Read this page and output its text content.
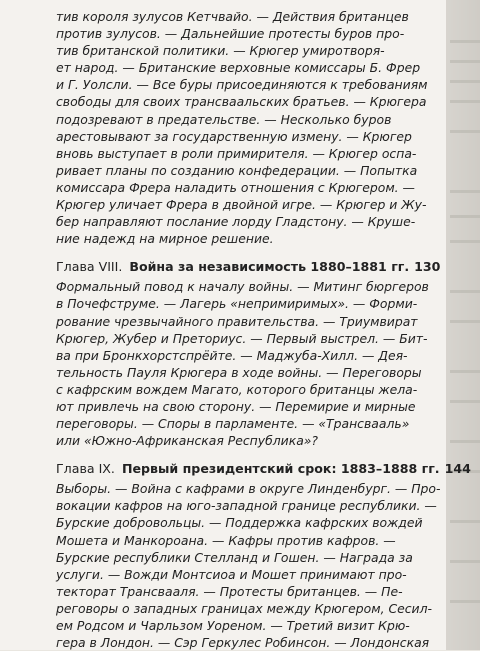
тив короля зулусов Кетчвайо. — Действия британцев
против зулусов. — Дальнейшие протесты буров про-
тив британской политики. — Крюгер умиротворя-
ет народ. — Британские верховные комиссары Б. Фрер
и Г. Уолсли. — Все буры присоединяются к требованиям
свободы для своих трансваальских братьев. — Крюгера
подозревают в предательстве. — Несколько буров
арестовывают за государственную измену. — Крюгер
вновь выступает в роли примирителя. — Крюгер оспа-
ривает планы по созданию конфедерации. — Попытка
комиссара Фрера наладить отношения с Крюгером. —
Крюгер уличает Фрера в двойной игре. — Крюгер и Жу-
бер направляют послание лорду Гладстону. — Круше-
ние надежд на мирное решение.

Глава VIII. Война за независимость 1880–1881 гг. 130

Формальный повод к началу войны. — Митинг бюргеров
в Почефструме. — Лагерь «непримиримых». — Форми-
рование чрезвычайного правительства. — Триумвират
Крюгер, Жубер и Преториус. — Первый выстрел. — Бит-
ва при Бронкхорстспрёйте. — Маджуба-Хилл. — Дея-
тельность Пауля Крюгера в ходе войны. — Переговоры
с кафрским вождем Магато, которого британцы желa-
ют привлечь на свою сторону. — Перемирие и мирные
переговоры. — Споры в парламенте. — «Трансвааль»
или «Южно-Африканская Республика»?

Глава IX. Первый президентский срок: 1883–1888 гг. 144

Выборы. — Война с кафрами в округе Линденбург. — Про-
вокации кафров на юго-западной границе республики. —
Бурские добровольцы. — Поддержка кафрских вождей
Мошета и Манкороана. — Кафры против кафров. —
Бурские республики Стелланд и Гошен. — Награда за
услуги. — Вожди Монтсиоа и Мошет принимают про-
текторат Трансвааля. — Протесты британцев. — Пе-
реговоры о западных границах между Крюгером, Сесил-
ем Родсом и Чарльзом Уореном. — Третий визит Крю-
гера в Лондон. — Сэр Геркулес Робинсон. — Лондонская
